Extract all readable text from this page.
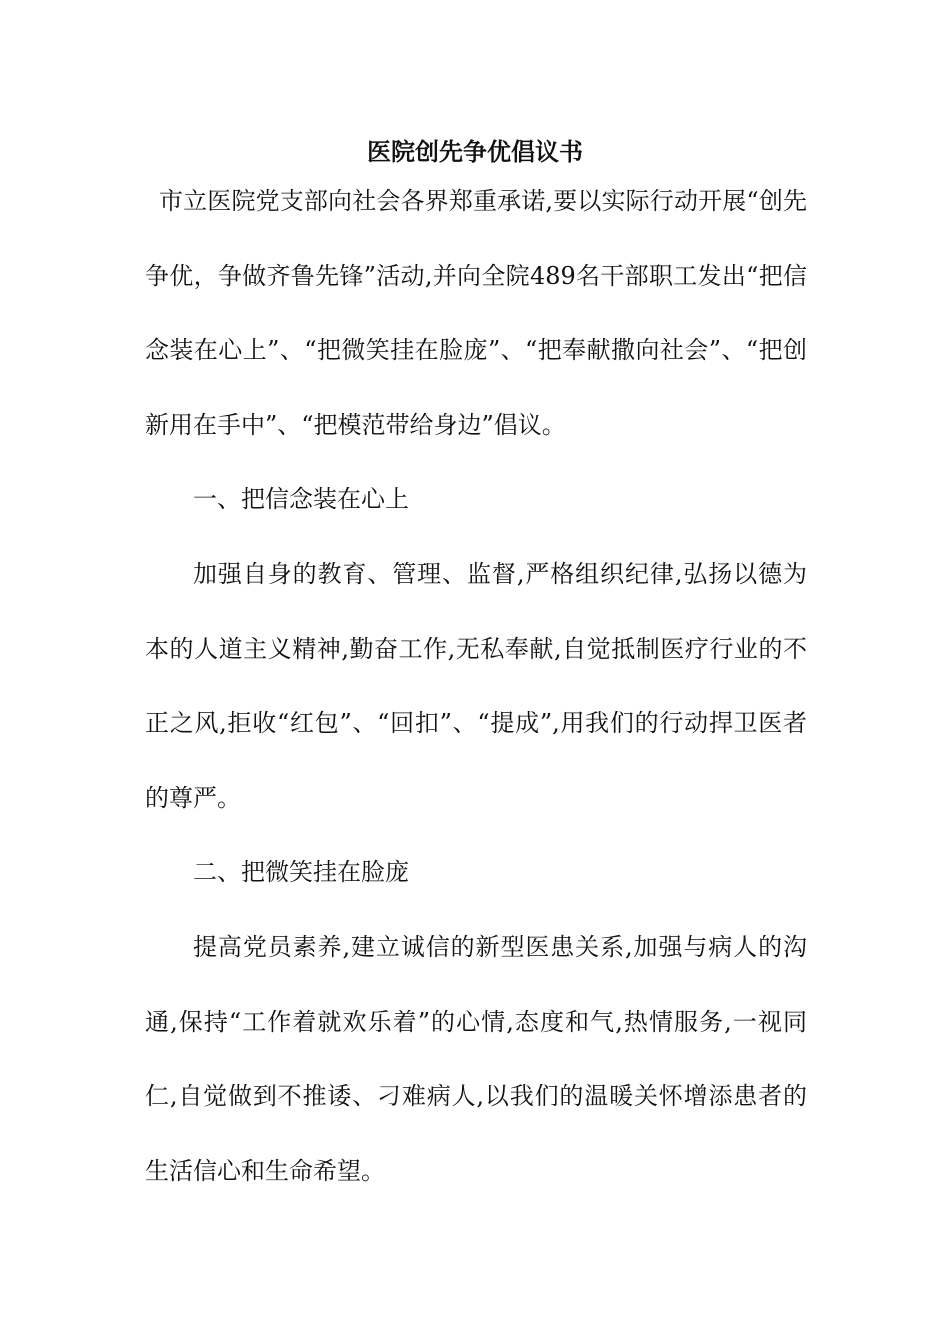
医院创先争优倡议书
市立医院党支部向社会各界郑重承诺,要以实际行动开展“创先争优，争做齐鲁先锋”活动,并向全院489名干部职工发出“把信念装在心上”、“把微笑挂在脸庞”、“把奉献撒向社会”、“把创新用在手中”、“把模范带给身边”倡议。
一、把信念装在心上
加强自身的教育、管理、监督,严格组织纪律,弘扬以德为本的人道主义精神,勤奋工作,无私奉献,自觉抵制医疗行业的不正之风,拒收“红包”、“回扣”、“提成”,用我们的行动捍卫医者的尊严。
二、把微笑挂在脸庞
提高党员素养,建立诚信的新型医患关系,加强与病人的沟通,保持“工作着就欢乐着”的心情,态度和气,热情服务,一视同仁,自觉做到不推诿、刁难病人,以我们的温暖关怀增添患者的生活信心和生命希望。
